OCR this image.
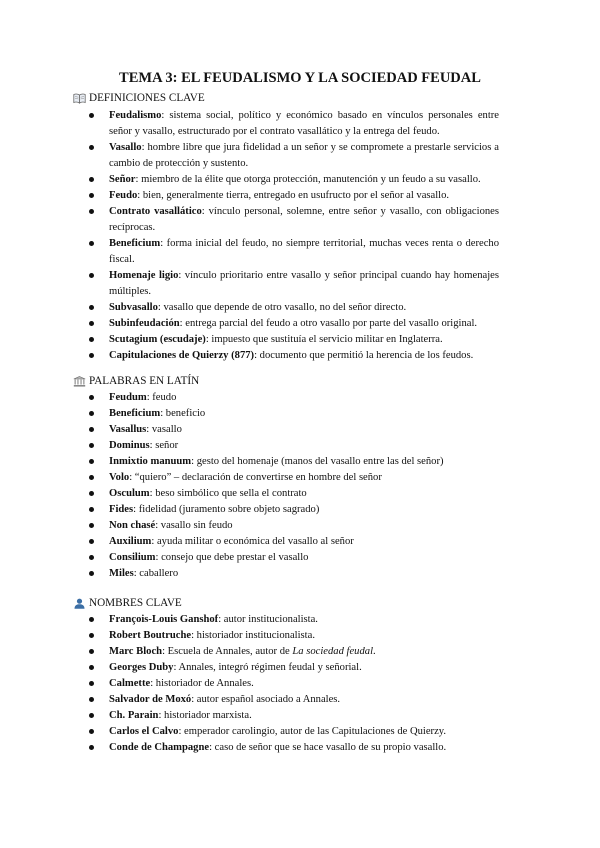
TEMA 3: EL FEUDALISMO Y LA SOCIEDAD FEUDAL
DEFINICIONES CLAVE
Feudalismo: sistema social, político y económico basado en vínculos personales entre señor y vasallo, estructurado por el contrato vasallático y la entrega del feudo.
Vasallo: hombre libre que jura fidelidad a un señor y se compromete a prestarle servicios a cambio de protección y sustento.
Señor: miembro de la élite que otorga protección, manutención y un feudo a su vasallo.
Feudo: bien, generalmente tierra, entregado en usufructo por el señor al vasallo.
Contrato vasallático: vínculo personal, solemne, entre señor y vasallo, con obligaciones recíprocas.
Beneficium: forma inicial del feudo, no siempre territorial, muchas veces renta o derecho fiscal.
Homenaje ligio: vínculo prioritario entre vasallo y señor principal cuando hay homenajes múltiples.
Subvasallo: vasallo que depende de otro vasallo, no del señor directo.
Subinfeudación: entrega parcial del feudo a otro vasallo por parte del vasallo original.
Scutagium (escudaje): impuesto que sustituía el servicio militar en Inglaterra.
Capitulaciones de Quierzy (877): documento que permitió la herencia de los feudos.
PALABRAS EN LATÍN
Feudum: feudo
Beneficium: beneficio
Vasallus: vasallo
Dominus: señor
Inmixtio manuum: gesto del homenaje (manos del vasallo entre las del señor)
Volo: “quiero” – declaración de convertirse en hombre del señor
Osculum: beso simbólico que sella el contrato
Fides: fidelidad (juramento sobre objeto sagrado)
Non chasé: vasallo sin feudo
Auxilium: ayuda militar o económica del vasallo al señor
Consilium: consejo que debe prestar el vasallo
Miles: caballero
NOMBRES CLAVE
François-Louis Ganshof: autor institucionalista.
Robert Boutruche: historiador institucionalista.
Marc Bloch: Escuela de Annales, autor de La sociedad feudal.
Georges Duby: Annales, integró régimen feudal y señorial.
Calmette: historiador de Annales.
Salvador de Moxó: autor español asociado a Annales.
Ch. Parain: historiador marxista.
Carlos el Calvo: emperador carolingio, autor de las Capitulaciones de Quierzy.
Conde de Champagne: caso de señor que se hace vasallo de su propio vasallo.
